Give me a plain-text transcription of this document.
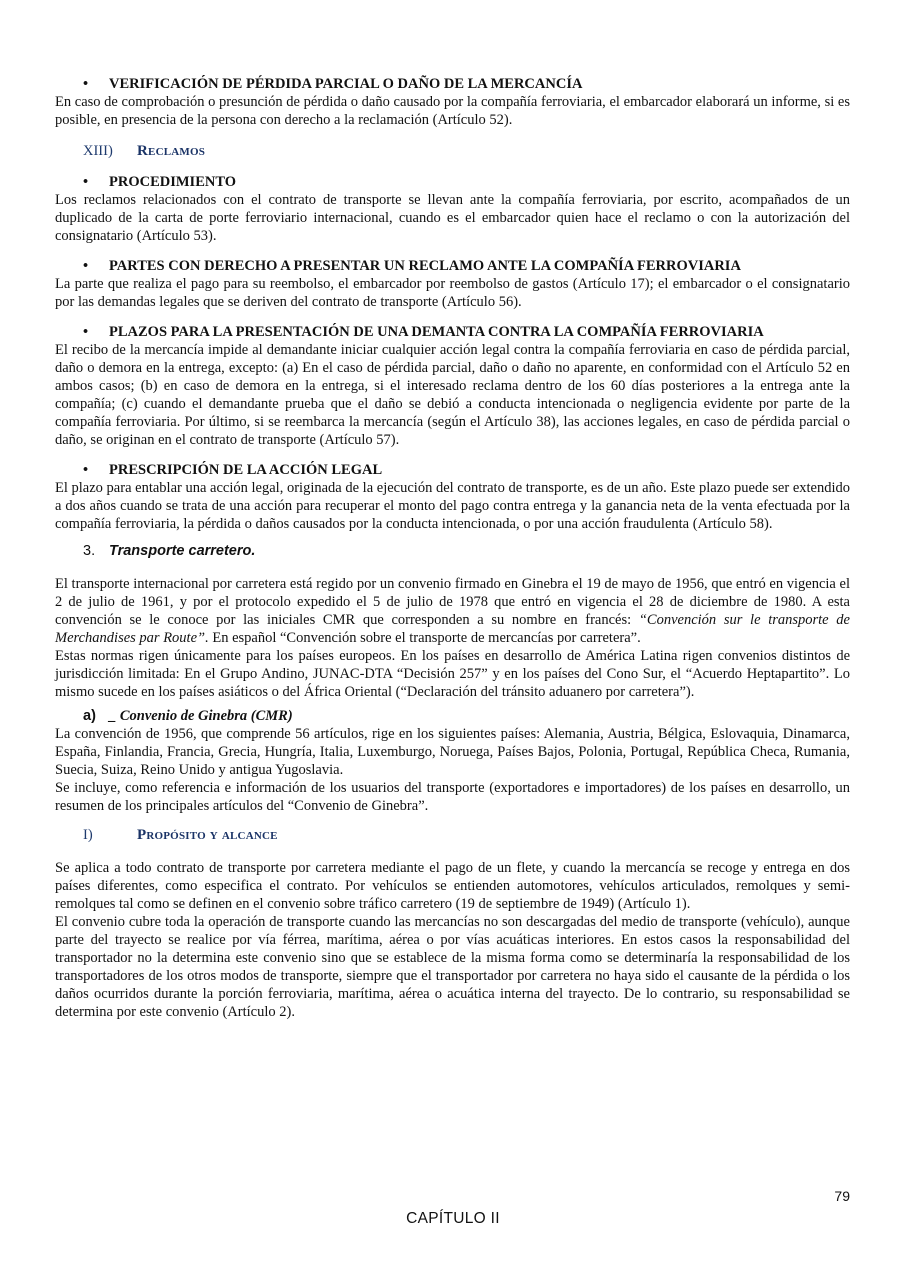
• VERIFICACIÓN DE PÉRDIDA PARCIAL O DAÑO DE LA MERCANCÍA

En caso de comprobación o presunción de pérdida o daño causado por la compañía ferroviaria, el embarcador elaborará un informe, si es posible, en presencia de la persona con derecho a la reclamación (Artículo 52).

XIII)	Reclamos
• PROCEDIMIENTO

Los reclamos relacionados con el contrato de transporte se llevan ante la compañía ferroviaria, por escrito, acompañados de un duplicado de la carta de porte ferroviario internacional, cuando es el embarcador quien hace el reclamo o con la autorización del consignatario (Artículo 53).

• PARTES CON DERECHO A PRESENTAR UN RECLAMO ANTE LA COMPAÑÍA FERROVIARIA

La parte que realiza el pago para su reembolso, el embarcador por reembolso de gastos (Artículo 17); el embarcador o el consignatario por las demandas legales que se deriven del contrato de transporte (Artículo 56).

• PLAZOS PARA LA PRESENTACIÓN DE UNA DEMANTA CONTRA LA COMPAÑÍA FERROVIARIA

El recibo de la mercancía impide al demandante iniciar cualquier acción legal contra la compañía ferroviaria en caso de pérdida parcial, daño o demora en la entrega, excepto: (a) En el caso de pérdida parcial, daño o daño no aparente, en conformidad con el Artículo 52 en ambos casos; (b) en caso de demora en la entrega, si el interesado reclama dentro de los 60 días posteriores a la entrega ante la compañía; (c) cuando el demandante prueba que el daño se debió a conducta intencionada o negligencia evidente por parte de la compañía ferroviaria. Por último, si se reembarca la mercancía (según el Artículo 38), las acciones legales, en caso de pérdida parcial o daño, se originan en el contrato de transporte (Artículo 57).

• PRESCRIPCIÓN DE LA ACCIÓN LEGAL

El plazo para entablar una acción legal, originada de la ejecución del contrato de transporte, es de un año. Este plazo puede ser extendido a dos años cuando se trata de una acción para recuperar el monto del pago contra entrega y la ganancia neta de la venta efectuada por la compañía ferroviaria, la pérdida o daños causados por la conducta intencionada, o por una acción fraudulenta (Artículo 58).

3. Transporte carretero.

El transporte internacional por carretera está regido por un convenio firmado en Ginebra el 19 de mayo de 1956, que entró en vigencia el 2 de julio de 1961, y por el protocolo expedido el 5 de julio de 1978 que entró en vigencia el 28 de diciembre de 1980. A esta convención se le conoce por las iniciales CMR que corresponden a su nombre en francés: “Convención sur le transporte de Merchandises par Route”. En español “Convención sobre el transporte de mercancías por carretera”.

Estas normas rigen únicamente para los países europeos. En los países en desarrollo de América Latina rigen convenios distintos de jurisdicción limitada: En el Grupo Andino, JUNAC-DTA “Decisión 257” y en los países del Cono Sur, el “Acuerdo Heptapartito”. Lo mismo sucede en los países asiáticos o del África Oriental (“Declaración del tránsito aduanero por carretera”).

a) _ Convenio de Ginebra (CMR)

La convención de 1956, que comprende 56 artículos, rige en los siguientes países: Alemania, Austria, Bélgica, Eslovaquia, Dinamarca, España, Finlandia, Francia, Grecia, Hungría, Italia, Luxemburgo, Noruega, Países Bajos, Polonia, Portugal, República Checa, Rumania, Suecia, Suiza, Reino Unido y antigua Yugoslavia.

Se incluye, como referencia e información de los usuarios del transporte (exportadores e importadores) de los países en desarrollo, un resumen de los principales artículos del “Convenio de Ginebra”.

I)	Propósito y alcance

Se aplica a todo contrato de transporte por carretera mediante el pago de un flete, y cuando la mercancía se recoge y entrega en dos países diferentes, como especifica el contrato. Por vehículos se entienden automotores, vehículos articulados, remolques y semi-remolques tal como se definen en el convenio sobre tráfico carretero (19 de septiembre de 1949) (Artículo 1).

El convenio cubre toda la operación de transporte cuando las mercancías no son descargadas del medio de transporte (vehículo), aunque parte del trayecto se realice por vía férrea, marítima, aérea o por vías acuáticas interiores. En estos casos la responsabilidad del transportador no la determina este convenio sino que se establece de la misma forma como se determinaría la responsabilidad de los transportadores de los otros modos de transporte, siempre que el transportador por carretera no haya sido el causante de la pérdida o los daños ocurridos durante la porción ferroviaria, marítima, aérea o acuática interna del trayecto. De lo contrario, su responsabilidad se determina por este convenio (Artículo 2).

79
CAPÍTULO II
